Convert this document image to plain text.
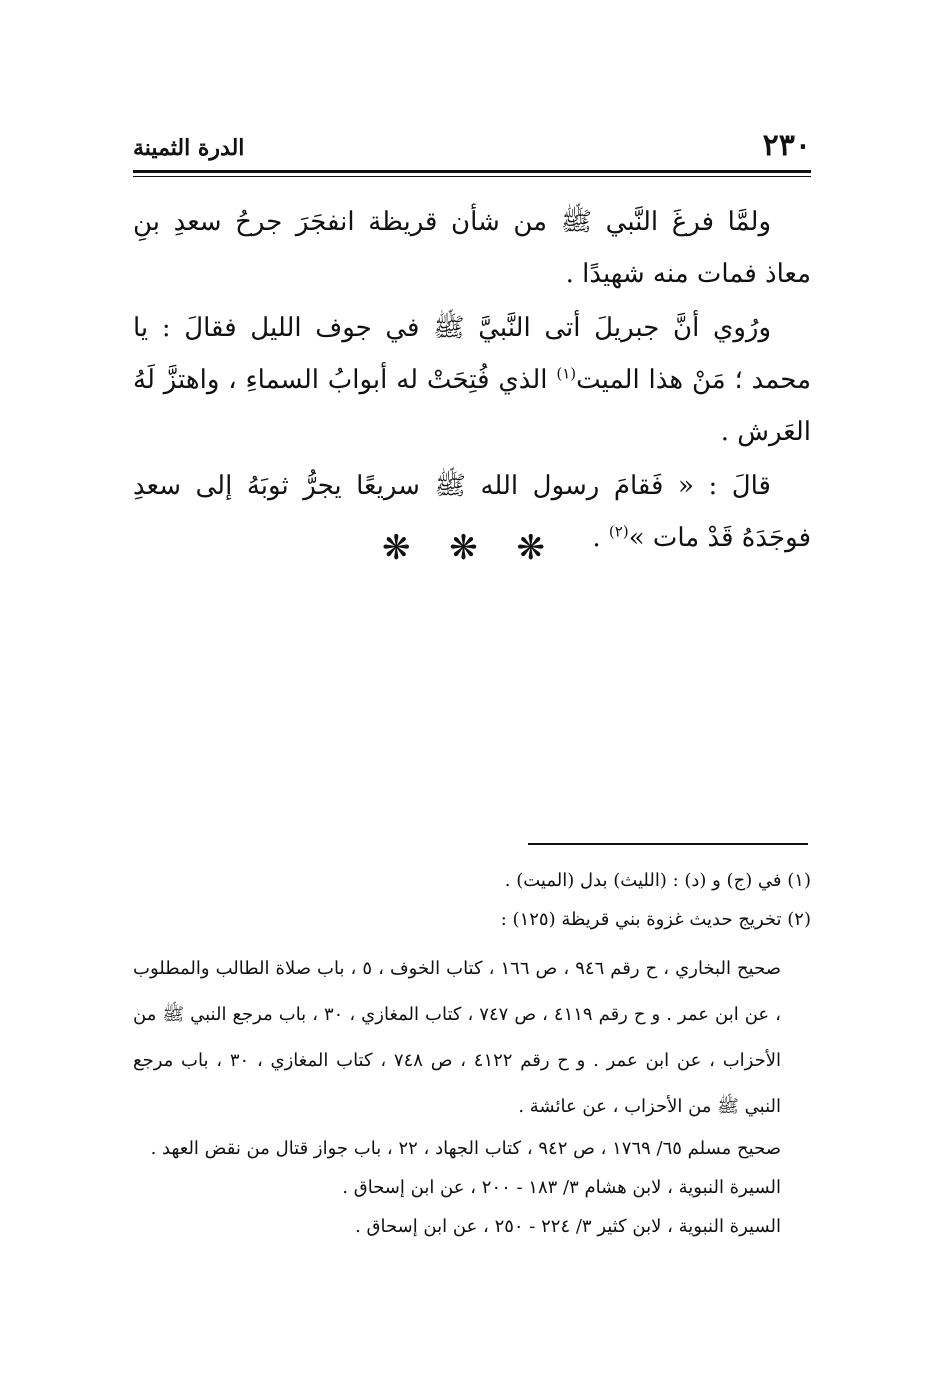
٢٣٠
الدرة الثمينة

ولمَّا فرغَ النَّبي ﷺ من شأن قريظة انفجَرَ جرحُ سعدِ بنِ معاذ فمات منه شهيدًا .

ورُوي أنَّ جبريلَ أتى النَّبيَّ ﷺ في جوف الليل فقالَ : يا محمد ؛ مَنْ هذا الميت$^{(١)}$ الذي فُتِحَتْ له أبوابُ السماءِ ، واهتزَّ لَهُ العَرش .

قالَ : « فَقامَ رسول الله ﷺ سريعًا يجرُّ ثوبَهُ إلى سعدِ فوجَدَهُ قَدْ مات »$^{(٢)}$ .

❋ ❋ ❋

(١) في (ج) و (د) : (الليث) بدل (الميت) .

(٢) تخريج حديث غزوة بني قريظة (١٢٥) :

صحيح البخاري ، ح رقم ٩٤٦ ، ص ١٦٦ ، كتاب الخوف ، ٥ ، باب صلاة الطالب والمطلوب ، عن ابن عمر . و ح رقم ٤١١٩ ، ص ٧٤٧ ، كتاب المغازي ، ٣٠ ، باب مرجع النبي ﷺ من الأحزاب ، عن ابن عمر . و ح رقم ٤١٢٢ ، ص ٧٤٨ ، كتاب المغازي ، ٣٠ ، باب مرجع النبي ﷺ من الأحزاب ، عن عائشة .

صحيح مسلم ٦٥/ ١٧٦٩ ، ص ٩٤٢ ، كتاب الجهاد ، ٢٢ ، باب جواز قتال من نقض العهد .

السيرة النبوية ، لابن هشام ٣/ ١٨٣ - ٢٠٠ ، عن ابن إسحاق .

السيرة النبوية ، لابن كثير ٣/ ٢٢٤ - ٢٥٠ ، عن ابن إسحاق .
